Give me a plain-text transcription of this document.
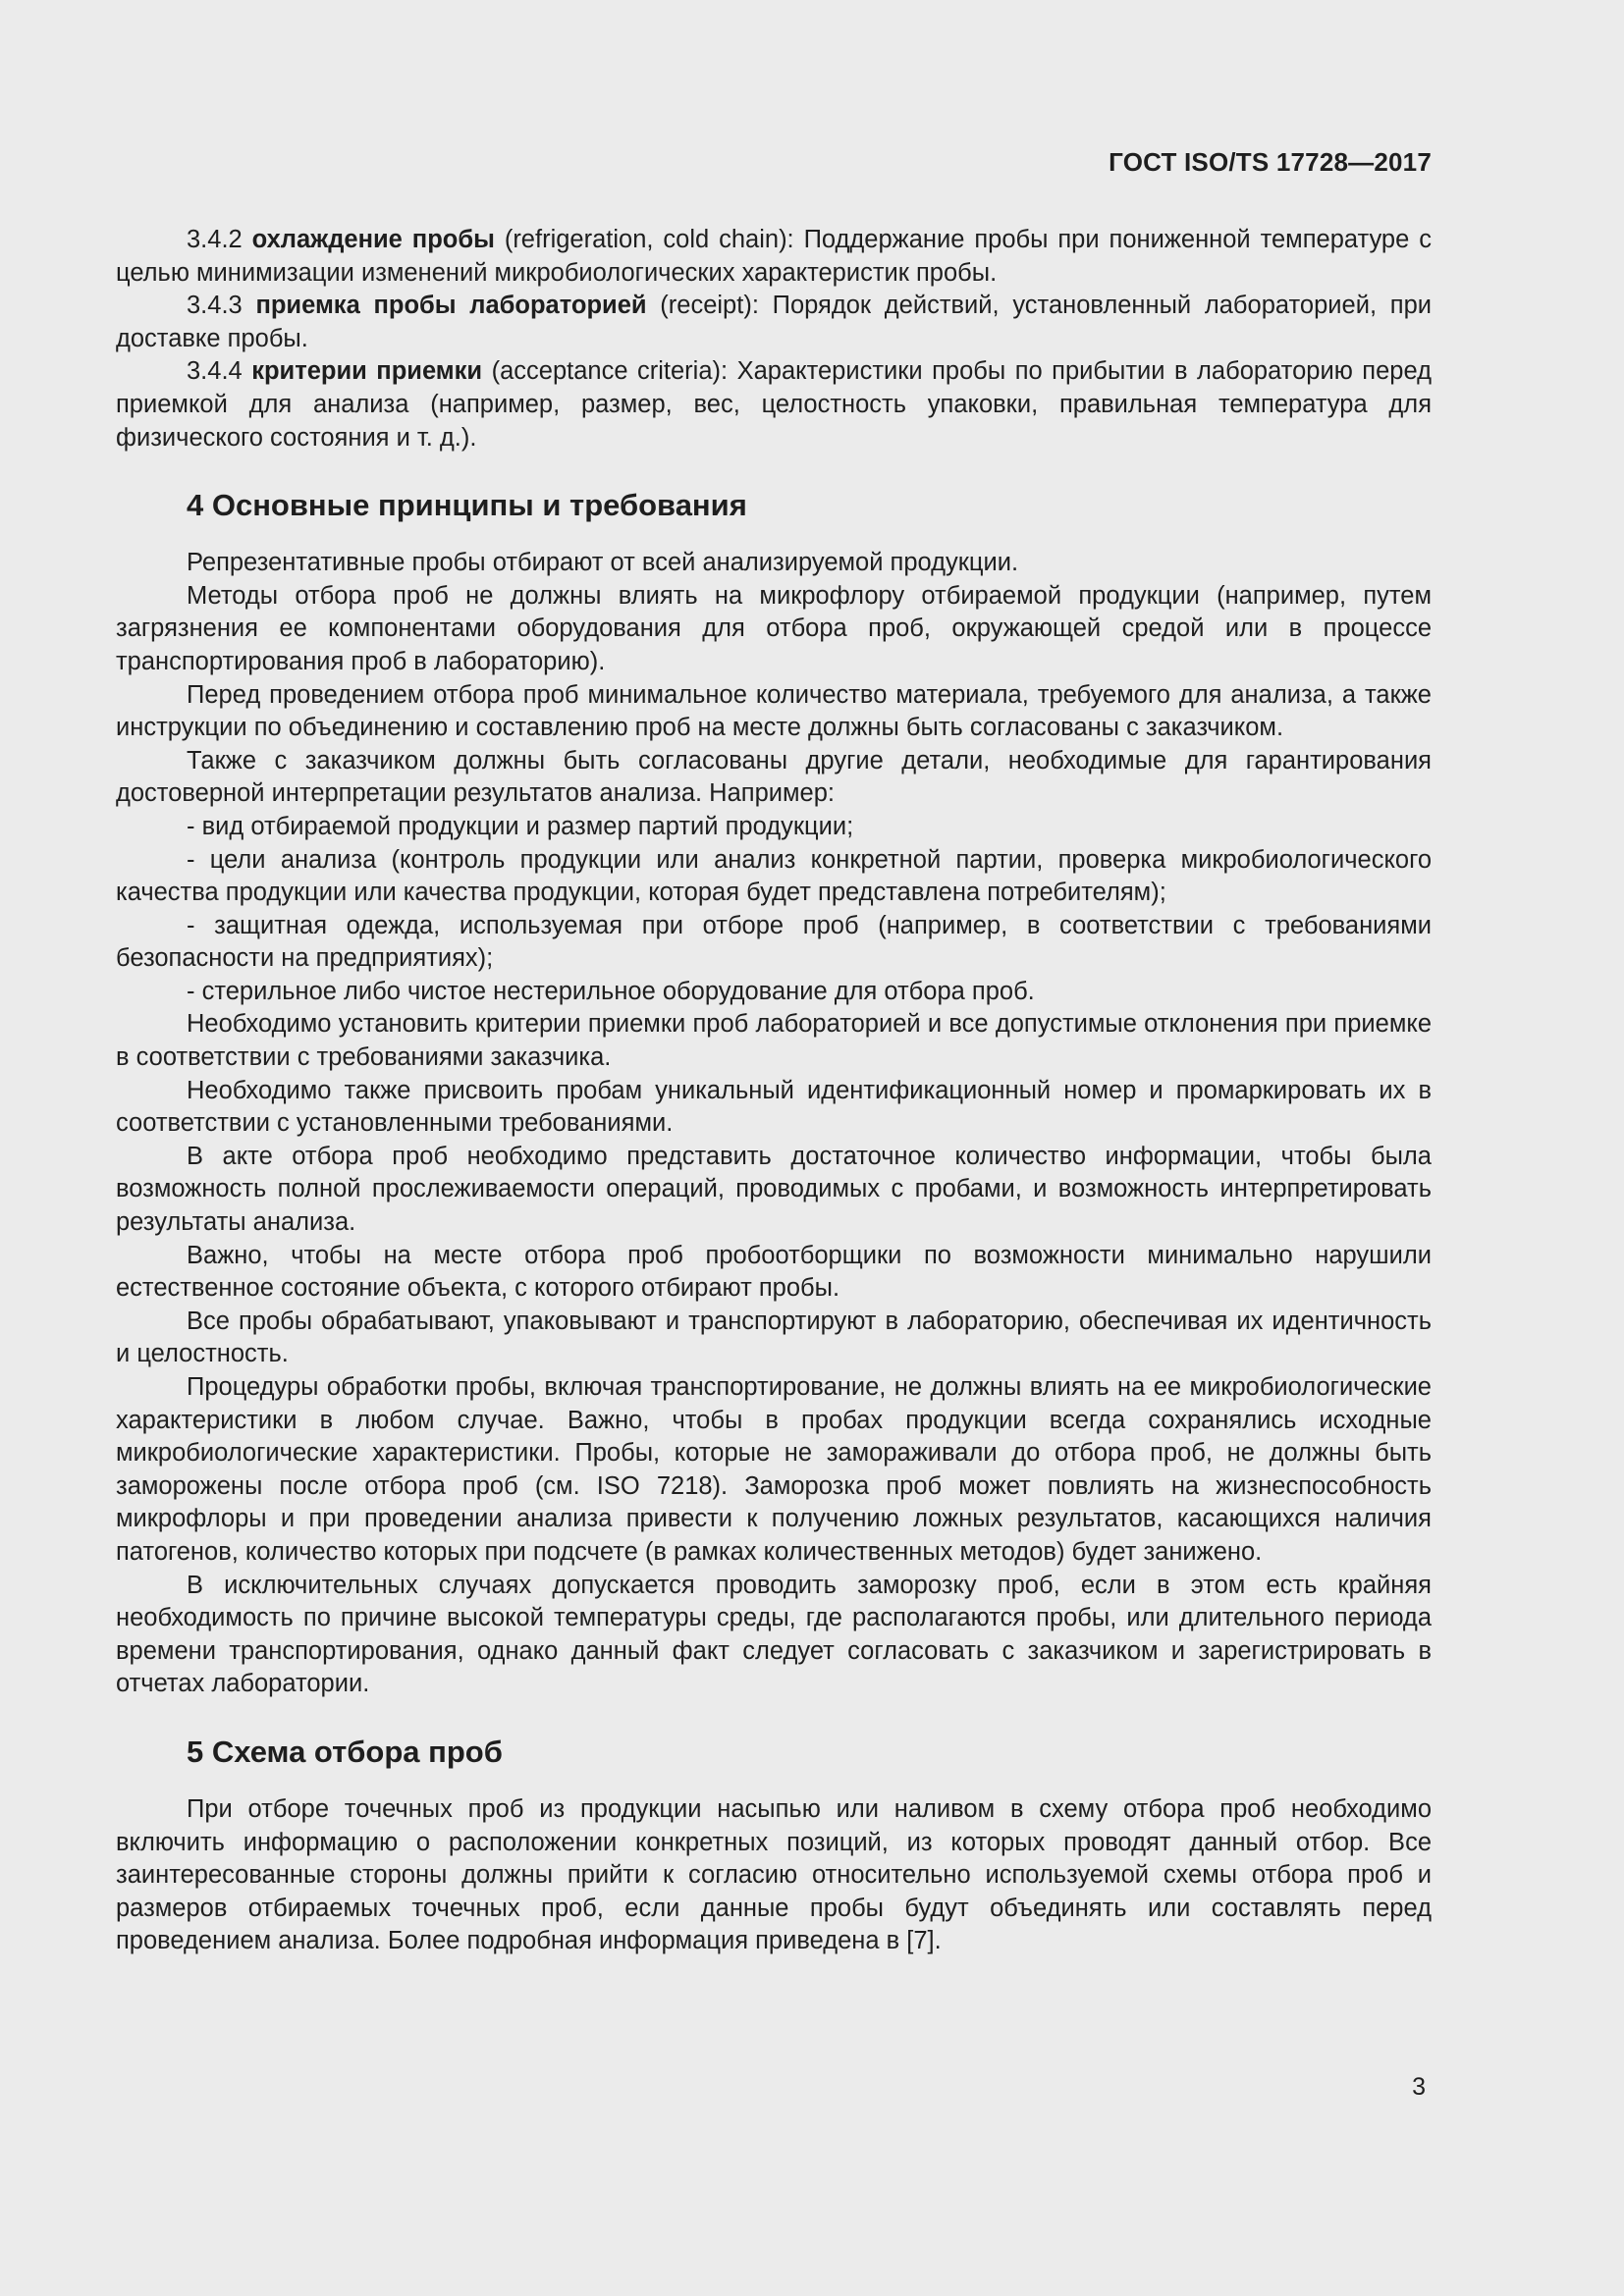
ГОСТ ISO/TS 17728—2017

3.4.2 охлаждение пробы (refrigeration, cold chain): Поддержание пробы при пониженной температуре с целью минимизации изменений микробиологических характеристик пробы.

3.4.3 приемка пробы лабораторией (receipt): Порядок действий, установленный лабораторией, при доставке пробы.

3.4.4 критерии приемки (acceptance criteria): Характеристики пробы по прибытии в лабораторию перед приемкой для анализа (например, размер, вес, целостность упаковки, правильная температура для физического состояния и т. д.).

4 Основные принципы и требования

Репрезентативные пробы отбирают от всей анализируемой продукции.

Методы отбора проб не должны влиять на микрофлору отбираемой продукции (например, путем загрязнения ее компонентами оборудования для отбора проб, окружающей средой или в процессе транспортирования проб в лабораторию).

Перед проведением отбора проб минимальное количество материала, требуемого для анализа, а также инструкции по объединению и составлению проб на месте должны быть согласованы с заказчиком.

Также с заказчиком должны быть согласованы другие детали, необходимые для гарантирования достоверной интерпретации результатов анализа. Например:

- вид отбираемой продукции и размер партий продукции;

- цели анализа (контроль продукции или анализ конкретной партии, проверка микробиологического качества продукции или качества продукции, которая будет представлена потребителям);

- защитная одежда, используемая при отборе проб (например, в соответствии с требованиями безопасности на предприятиях);

- стерильное либо чистое нестерильное оборудование для отбора проб.

Необходимо установить критерии приемки проб лабораторией и все допустимые отклонения при приемке в соответствии с требованиями заказчика.

Необходимо также присвоить пробам уникальный идентификационный номер и промаркировать их в соответствии с установленными требованиями.

В акте отбора проб необходимо представить достаточное количество информации, чтобы была возможность полной прослеживаемости операций, проводимых с пробами, и возможность интерпретировать результаты анализа.

Важно, чтобы на месте отбора проб пробоотборщики по возможности минимально нарушили естественное состояние объекта, с которого отбирают пробы.

Все пробы обрабатывают, упаковывают и транспортируют в лабораторию, обеспечивая их идентичность и целостность.

Процедуры обработки пробы, включая транспортирование, не должны влиять на ее микробиологические характеристики в любом случае. Важно, чтобы в пробах продукции всегда сохранялись исходные микробиологические характеристики. Пробы, которые не замораживали до отбора проб, не должны быть заморожены после отбора проб (см. ISO 7218). Заморозка проб может повлиять на жизнеспособность микрофлоры и при проведении анализа привести к получению ложных результатов, касающихся наличия патогенов, количество которых при подсчете (в рамках количественных методов) будет занижено.

В исключительных случаях допускается проводить заморозку проб, если в этом есть крайняя необходимость по причине высокой температуры среды, где располагаются пробы, или длительного периода времени транспортирования, однако данный факт следует согласовать с заказчиком и зарегистрировать в отчетах лаборатории.

5 Схема отбора проб

При отборе точечных проб из продукции насыпью или наливом в схему отбора проб необходимо включить информацию о расположении конкретных позиций, из которых проводят данный отбор. Все заинтересованные стороны должны прийти к согласию относительно используемой схемы отбора проб и размеров отбираемых точечных проб, если данные пробы будут объединять или составлять перед проведением анализа. Более подробная информация приведена в [7].

3
